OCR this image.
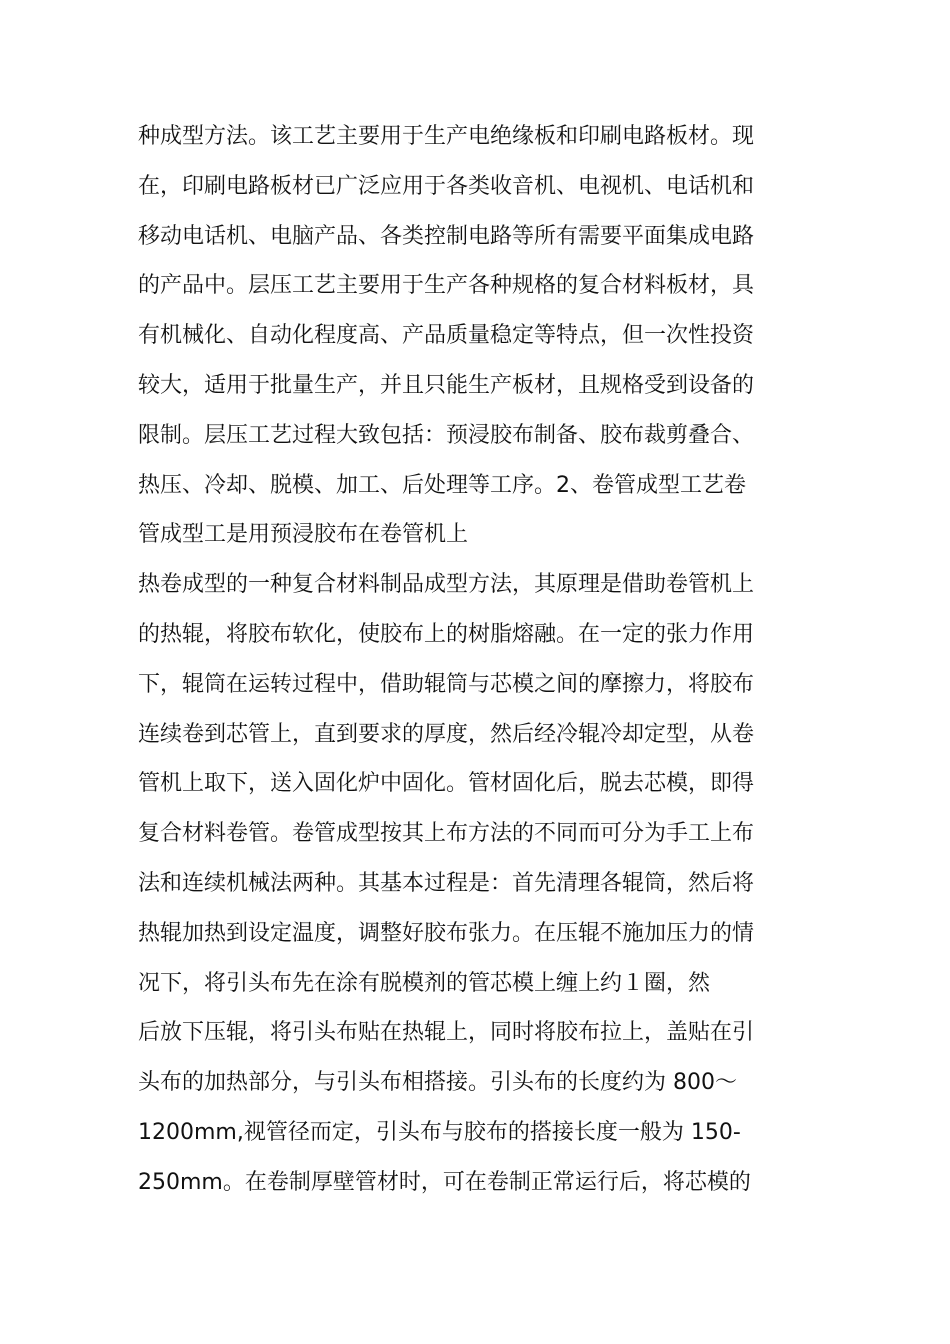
种成型方法。该工艺主要用于生产电绝缘板和印刷电路板材。现
在，印刷电路板材已广泛应用于各类收音机、电视机、电话机和
移动电话机、电脑产品、各类控制电路等所有需要平面集成电路
的产品中。层压工艺主要用于生产各种规格的复合材料板材，具
有机械化、自动化程度高、产品质量稳定等特点，但一次性投资
较大，适用于批量生产，并且只能生产板材，且规格受到设备的
限制。层压工艺过程大致包括：预浸胶布制备、胶布裁剪叠合、
热压、冷却、脱模、加工、后处理等工序。2、卷管成型工艺卷
管成型工是用预浸胶布在卷管机上
热卷成型的一种复合材料制品成型方法，其原理是借助卷管机上
的热辊，将胶布软化，使胶布上的树脂熔融。在一定的张力作用
下，辊筒在运转过程中，借助辊筒与芯模之间的摩擦力，将胶布
连续卷到芯管上，直到要求的厚度，然后经冷辊冷却定型，从卷
管机上取下，送入固化炉中固化。管材固化后，脱去芯模，即得
复合材料卷管。卷管成型按其上布方法的不同而可分为手工上布
法和连续机械法两种。其基本过程是：首先清理各辊筒，然后将
热辊加热到设定温度，调整好胶布张力。在压辊不施加压力的情
况下，将引头布先在涂有脱模剂的管芯模上缠上约１圈，然
后放下压辊，将引头布贴在热辊上，同时将胶布拉上，盖贴在引
头布的加热部分，与引头布相搭接。引头布的长度约为 800～
1200mm,视管径而定，引头布与胶布的搭接长度一般为 150-
250mm。在卷制厚壁管材时，可在卷制正常运行后，将芯模的
